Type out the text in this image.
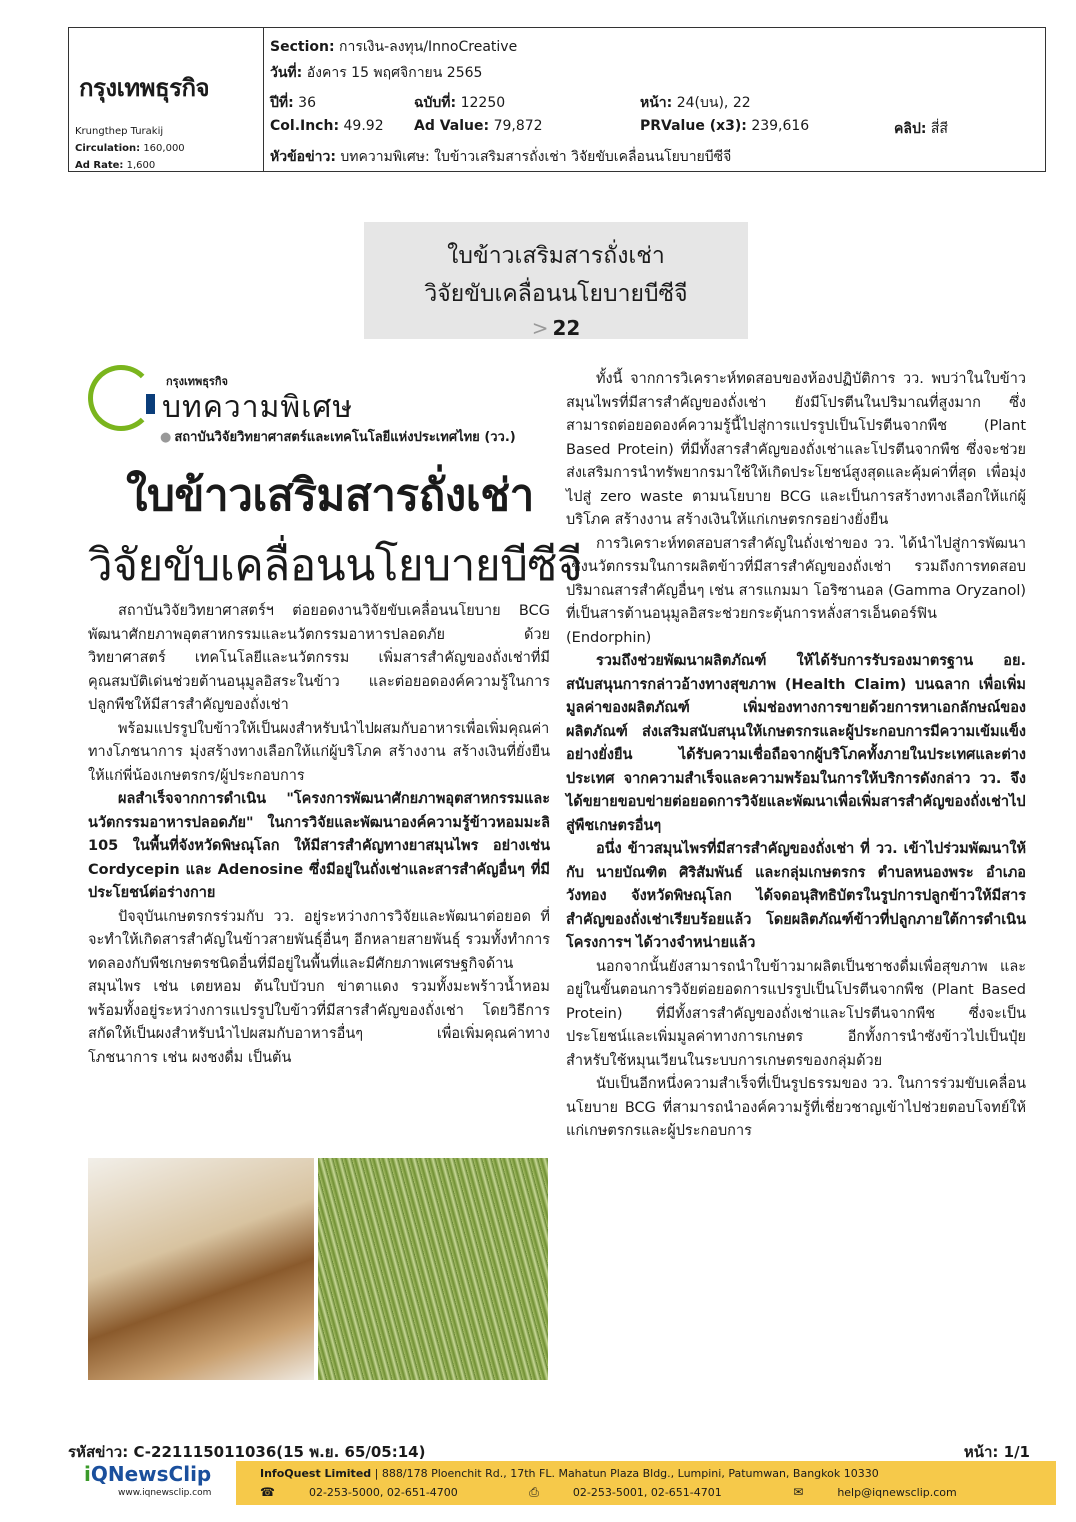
กรุงเทพธุรกิจ
Krungthep Turakij
Circulation: 160,000
Ad Rate: 1,600
Section: การเงิน-ลงทุน/InnoCreative
วันที่: อังคาร 15 พฤศจิกายน 2565
ปีที่: 36	ฉบับที่: 12250	หน้า: 24(บน), 22
Col.Inch: 49.92 Ad Value: 79,872	PRValue (x3): 239,616	คลิป: สี่สี
หัวข้อข่าว: บทความพิเศษ: ใบข้าวเสริมสารถั่งเช่า วิจัยขับเคลื่อนนโยบายบีซีจี
ใบข้าวเสริมสารถั่งเช่า
วิจัยขับเคลื่อนนโยบายบีซีจี
> 22
กรุงเทพธุรกิจ
บทความพิเศษ
● สถาบันวิจัยวิทยาศาสตร์และเทคโนโลยีแห่งประเทศไทย (วว.)
ใบข้าวเสริมสารถั่งเช่า
วิจัยขับเคลื่อนนโยบายบีซีจี

สถาบันวิจัยวิทยาศาสตร์ฯ ต่อยอดงานวิจัยขับเคลื่อนนโยบาย BCG พัฒนาศักยภาพอุตสาหกรรมและนวัตกรรมอาหารปลอดภัย ด้วยวิทยาศาสตร์ เทคโนโลยีและนวัตกรรม เพิ่มสารสำคัญของถั่งเช่าที่มีคุณสมบัติเด่นช่วยต้านอนุมูลอิสระในข้าว และต่อยอดองค์ความรู้ในการปลูกพืชให้มีสารสำคัญของถั่งเช่า

พร้อมแปรรูปใบข้าวให้เป็นผงสำหรับนำไปผสมกับอาหารเพื่อเพิ่มคุณค่าทางโภชนาการ มุ่งสร้างทางเลือกให้แก่ผู้บริโภค สร้างงาน สร้างเงินที่ยั่งยืนให้แก่พี่น้องเกษตรกร/ผู้ประกอบการ

ผลสำเร็จจากการดำเนิน "โครงการพัฒนาศักยภาพอุตสาหกรรมและนวัตกรรมอาหารปลอดภัย" ในการวิจัยและพัฒนาองค์ความรู้ข้าวหอมมะลิ 105 ในพื้นที่จังหวัดพิษณุโลก ให้มีสารสำคัญทางยาสมุนไพร อย่างเช่น Cordycepin และ Adenosine ซึ่งมีอยู่ในถั่งเช่าและสารสำคัญอื่นๆ ที่มีประโยชน์ต่อร่างกาย

ปัจจุบันเกษตรกรร่วมกับ วว. อยู่ระหว่างการวิจัยและพัฒนาต่อยอด ที่จะทำให้เกิดสารสำคัญในข้าวสายพันธุ์อื่นๆ อีกหลายสายพันธุ์ รวมทั้งทำการทดลองกับพืชเกษตรชนิดอื่นที่มีอยู่ในพื้นที่และมีศักยภาพเศรษฐกิจด้านสมุนไพร เช่น เตยหอม ต้นใบบัวบก ข่าตาแดง รวมทั้งมะพร้าวน้ำหอม พร้อมทั้งอยู่ระหว่างการแปรรูปใบข้าวที่มีสารสำคัญของถั่งเช่า โดยวิธีการสกัดให้เป็นผงสำหรับนำไปผสมกับอาหารอื่นๆ เพื่อเพิ่มคุณค่าทางโภชนาการ เช่น ผงชงดื่ม เป็นต้น

ทั้งนี้ จากการวิเคราะห์ทดสอบของห้องปฏิบัติการ วว. พบว่าในใบข้าวสมุนไพรที่มีสารสำคัญของถั่งเช่า ยังมีโปรตีนในปริมาณที่สูงมาก ซึ่งสามารถต่อยอดองค์ความรู้นี้ไปสู่การแปรรูปเป็นโปรตีนจากพืช (Plant Based Protein) ที่มีทั้งสารสำคัญของถั่งเช่าและโปรตีนจากพืช ซึ่งจะช่วยส่งเสริมการนำทรัพยากรมาใช้ให้เกิดประโยชน์สูงสุดและคุ้มค่าที่สุด เพื่อมุ่งไปสู่ zero waste ตามนโยบาย BCG และเป็นการสร้างทางเลือกให้แก่ผู้บริโภค สร้างงาน สร้างเงินให้แก่เกษตรกรอย่างยั่งยืน

การวิเคราะห์ทดสอบสารสำคัญในถั่งเช่าของ วว. ได้นำไปสู่การพัฒนาเชิงนวัตกรรมในการผลิตข้าวที่มีสารสำคัญของถั่งเช่า รวมถึงการทดสอบปริมาณสารสำคัญอื่นๆ เช่น สารแกมมา โอริซานอล (Gamma Oryzanol) ที่เป็นสารต้านอนุมูลอิสระช่วยกระตุ้นการหลั่งสารเอ็นดอร์ฟิน (Endorphin)

รวมถึงช่วยพัฒนาผลิตภัณฑ์ ให้ได้รับการรับรองมาตรฐาน อย. สนับสนุนการกล่าวอ้างทางสุขภาพ (Health Claim) บนฉลาก เพื่อเพิ่มมูลค่าของผลิตภัณฑ์ เพิ่มช่องทางการขายด้วยการหาเอกลักษณ์ของผลิตภัณฑ์ ส่งเสริมสนับสนุนให้เกษตรกรและผู้ประกอบการมีความเข้มแข็งอย่างยั่งยืน ได้รับความเชื่อถือจากผู้บริโภคทั้งภายในประเทศและต่างประเทศ จากความสำเร็จและความพร้อมในการให้บริการดังกล่าว วว. จึงได้ขยายขอบข่ายต่อยอดการวิจัยและพัฒนาเพื่อเพิ่มสารสำคัญของถั่งเช่าไปสู่พืชเกษตรอื่นๆ

อนึ่ง ข้าวสมุนไพรที่มีสารสำคัญของถั่งเช่า ที่ วว. เข้าไปร่วมพัฒนาให้กับ นายบัณฑิต ศิริสัมพันธ์ และกลุ่มเกษตรกร ตำบลหนองพระ อำเภอวังทอง จังหวัดพิษณุโลก ได้จดอนุสิทธิบัตรในรูปการปลูกข้าวให้มีสารสำคัญของถั่งเช่าเรียบร้อยแล้ว โดยผลิตภัณฑ์ข้าวที่ปลูกภายใต้การดำเนินโครงการฯ ได้วางจำหน่ายแล้ว

นอกจากนั้นยังสามารถนำใบข้าวมาผลิตเป็นชาชงดื่มเพื่อสุขภาพ และอยู่ในขั้นตอนการวิจัยต่อยอดการแปรรูปเป็นโปรตีนจากพืช (Plant Based Protein) ที่มีทั้งสารสำคัญของถั่งเช่าและโปรตีนจากพืช ซึ่งจะเป็นประโยชน์และเพิ่มมูลค่าทางการเกษตร อีกทั้งการนำซังข้าวไปเป็นปุ๋ยสำหรับใช้หมุนเวียนในระบบการเกษตรของกลุ่มด้วย

นับเป็นอีกหนึ่งความสำเร็จที่เป็นรูปธรรมของ วว. ในการร่วมขับเคลื่อนนโยบาย BCG ที่สามารถนำองค์ความรู้ที่เชี่ยวชาญเข้าไปช่วยตอบโจทย์ให้แก่เกษตรกรและผู้ประกอบการ

รหัสข่าว: C-221115011036(15 พ.ย. 65/05:14)	หน้า: 1/1
iQNewsClip
www.iqnewsclip.com
InfoQuest Limited | 888/178 Ploenchit Rd., 17th FL. Mahatun Plaza Bldg., Lumpini, Patumwan, Bangkok 10330
☎	02-253-5000, 02-651-4700	⎙	02-253-5001, 02-651-4701	✉	help@iqnewsclip.com
